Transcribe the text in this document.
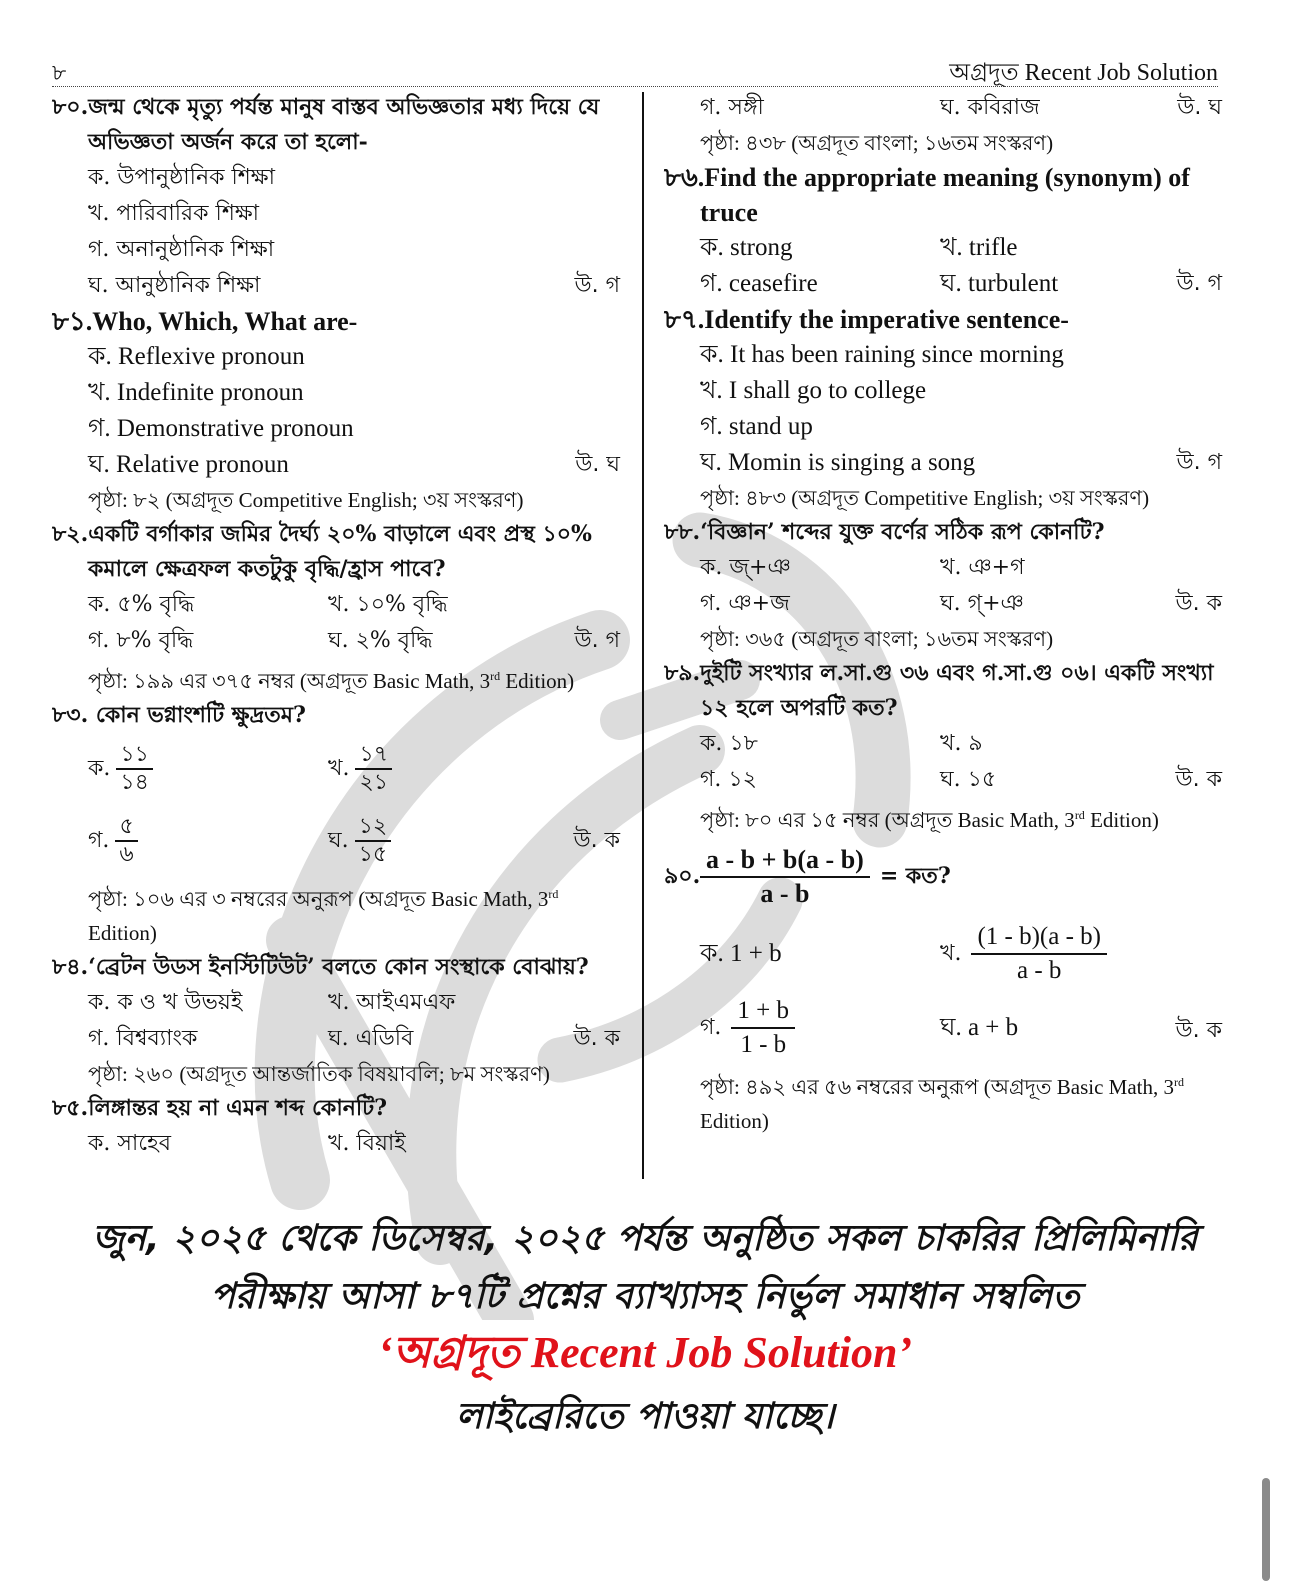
৮	অগ্রদূত Recent Job Solution
৮০.জন্ম থেকে মৃত্যু পর্যন্ত মানুষ বাস্তব অভিজ্ঞতার মধ্য দিয়ে যে অভিজ্ঞতা অর্জন করে তা হলো-
ক. উপানুষ্ঠানিক শিক্ষা
খ. পারিবারিক শিক্ষা
গ. অনানুষ্ঠানিক শিক্ষা
ঘ. আনুষ্ঠানিক শিক্ষা	উ. গ
৮১.Who, Which, What are-
ক. Reflexive pronoun
খ. Indefinite pronoun
গ. Demonstrative pronoun
ঘ. Relative pronoun	উ. ঘ
পৃষ্ঠা: ৮২ (অগ্রদূত Competitive English; ৩য় সংস্করণ)
৮২.একটি বর্গাকার জমির দৈর্ঘ্য ২০% বাড়ালে এবং প্রস্থ ১০% কমালে ক্ষেত্রফল কতটুকু বৃদ্ধি/হ্রাস পাবে?
ক. ৫% বৃদ্ধি	খ. ১০% বৃদ্ধি
গ. ৮% বৃদ্ধি	ঘ. ২% বৃদ্ধি	উ. গ
পৃষ্ঠা: ১৯৯ এর ৩৭৫ নম্বর (অগ্রদূত Basic Math, 3rd Edition)
৮৩. কোন ভগ্নাংশটি ক্ষুদ্রতম?
ক. $\frac{১১}{১৪}$	খ. $\frac{১৭}{২১}$
গ. $\frac{৫}{৬}$	ঘ. $\frac{১২}{১৫}$	উ. ক
পৃষ্ঠা: ১০৬ এর ৩ নম্বরের অনুরূপ (অগ্রদূত Basic Math, 3rd Edition)
৮৪.‘ব্রেটন উডস ইনস্টিটিউট’ বলতে কোন সংস্থাকে বোঝায়?
ক. ক ও খ উভয়ই	খ. আইএমএফ
গ. বিশ্বব্যাংক	ঘ. এডিবি	উ. ক
পৃষ্ঠা: ২৬০ (অগ্রদূত আন্তর্জাতিক বিষয়াবলি; ৮ম সংস্করণ)
৮৫.লিঙ্গান্তর হয় না এমন শব্দ কোনটি?
ক. সাহেব	খ. বিয়াই
গ. সঙ্গী	ঘ. কবিরাজ	উ. ঘ
পৃষ্ঠা: ৪৩৮ (অগ্রদূত বাংলা; ১৬তম সংস্করণ)
৮৬.Find the appropriate meaning (synonym) of truce
ক. strong	খ. trifle
গ. ceasefire	ঘ. turbulent	উ. গ
৮৭.Identify the imperative sentence-
ক. It has been raining since morning
খ. I shall go to college
গ. stand up
ঘ. Momin is singing a song	উ. গ
পৃষ্ঠা: ৪৮৩ (অগ্রদূত Competitive English; ৩য় সংস্করণ)
৮৮.‘বিজ্ঞান’ শব্দের যুক্ত বর্ণের সঠিক রূপ কোনটি?
ক. জ্+ঞ	খ. ঞ+গ
গ. ঞ+জ	ঘ. গ্+ঞ	উ. ক
পৃষ্ঠা: ৩৬৫ (অগ্রদূত বাংলা; ১৬তম সংস্করণ)
৮৯.দুইটি সংখ্যার ল.সা.গু ৩৬ এবং গ.সা.গু ০৬। একটি সংখ্যা ১২ হলে অপরটি কত?
ক. ১৮	খ. ৯
গ. ১২	ঘ. ১৫	উ. ক
পৃষ্ঠা: ৮০ এর ১৫ নম্বর (অগ্রদূত Basic Math, 3rd Edition)
৯০. $\frac{a - b + b(a - b)}{a - b}$ = কত?
ক. 1 + b	খ.
(1 - b)(a - b)
a - b
গ.
1 + b
1 - b
ঘ. a + b	উ. ক
পৃষ্ঠা: ৪৯২ এর ৫৬ নম্বরের অনুরূপ (অগ্রদূত Basic Math, 3rd Edition)
জুন, ২০২৫ থেকে ডিসেম্বর, ২০২৫ পর্যন্ত অনুষ্ঠিত সকল চাকরির প্রিলিমিনারি
পরীক্ষায় আসা ৮৭টি প্রশ্নের ব্যাখ্যাসহ নির্ভুল সমাধান সম্বলিত
‘অগ্রদূত Recent Job Solution’
লাইব্রেরিতে পাওয়া যাচ্ছে।
